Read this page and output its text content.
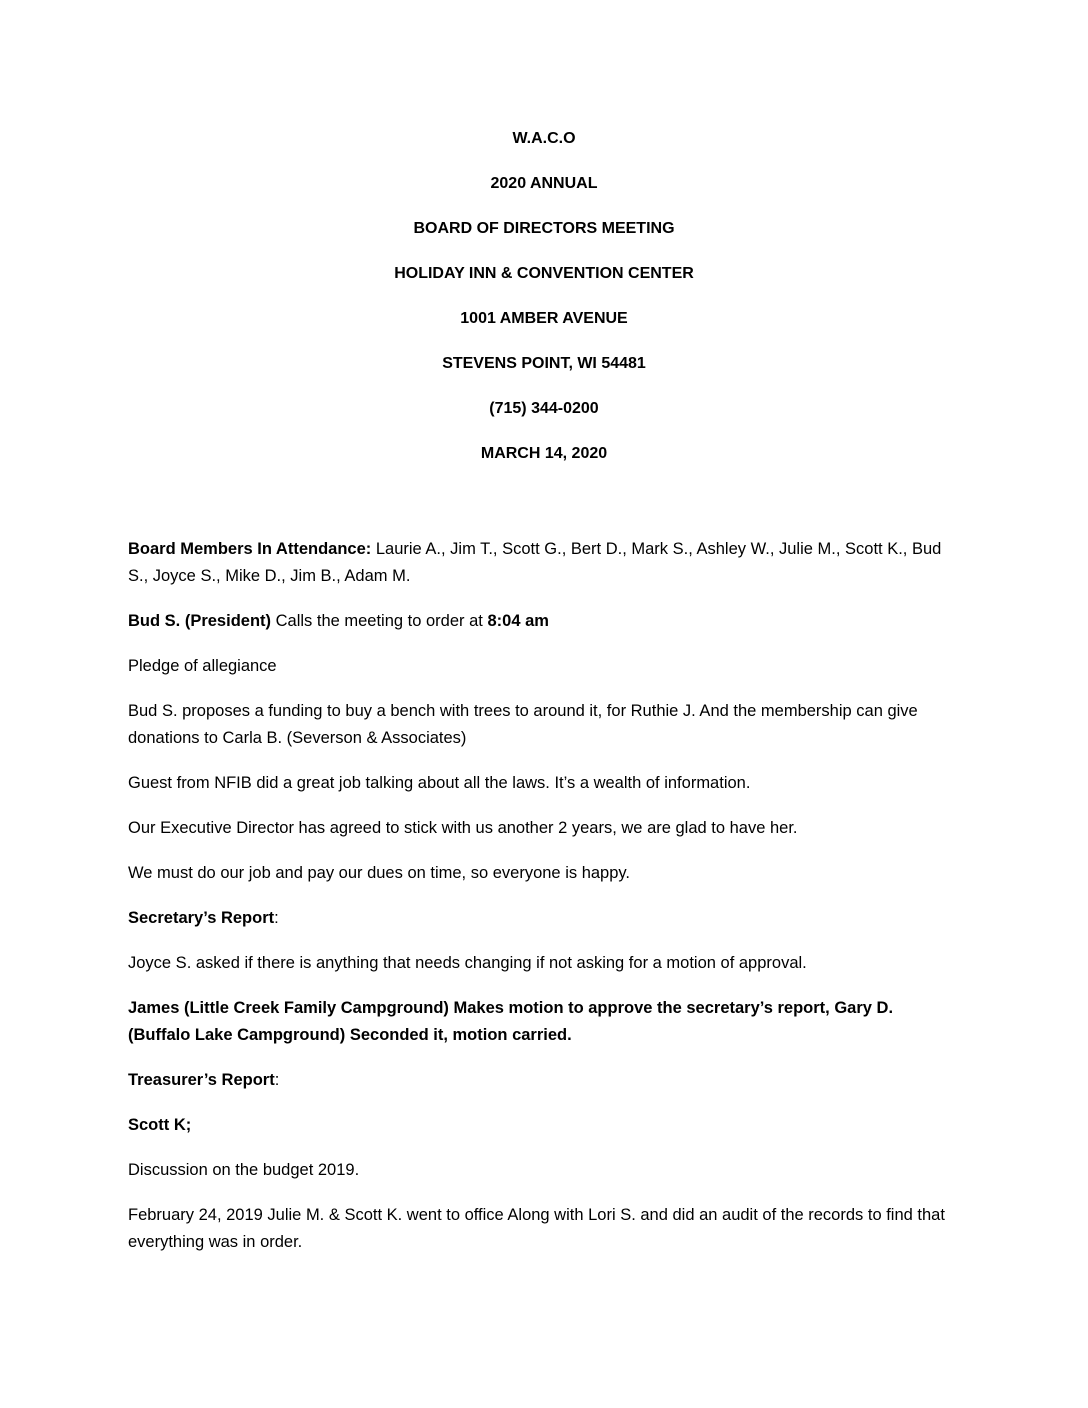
W.A.C.O
2020 ANNUAL
BOARD OF DIRECTORS MEETING
HOLIDAY INN & CONVENTION CENTER
1001 AMBER AVENUE
STEVENS POINT, WI 54481
(715) 344-0200
MARCH 14, 2020

Board Members In Attendance: Laurie A., Jim T., Scott G., Bert D., Mark S., Ashley W., Julie M., Scott K., Bud S., Joyce S., Mike D., Jim B., Adam M.

Bud S. (President) Calls the meeting to order at 8:04 am

Pledge of allegiance

Bud S. proposes a funding to buy a bench with trees to around it, for Ruthie J. And the membership can give donations to Carla B. (Severson & Associates)

Guest from NFIB did a great job talking about all the laws. It’s a wealth of information.

Our Executive Director has agreed to stick with us another 2 years, we are glad to have her.

We must do our job and pay our dues on time, so everyone is happy.

Secretary’s Report:

Joyce S. asked if there is anything that needs changing if not asking for a motion of approval.

James (Little Creek Family Campground) Makes motion to approve the secretary’s report, Gary D. (Buffalo Lake Campground) Seconded it, motion carried.

Treasurer’s Report:

Scott K;

Discussion on the budget 2019.

February 24, 2019 Julie M. & Scott K. went to office Along with Lori S. and did an audit of the records to find that everything was in order.
